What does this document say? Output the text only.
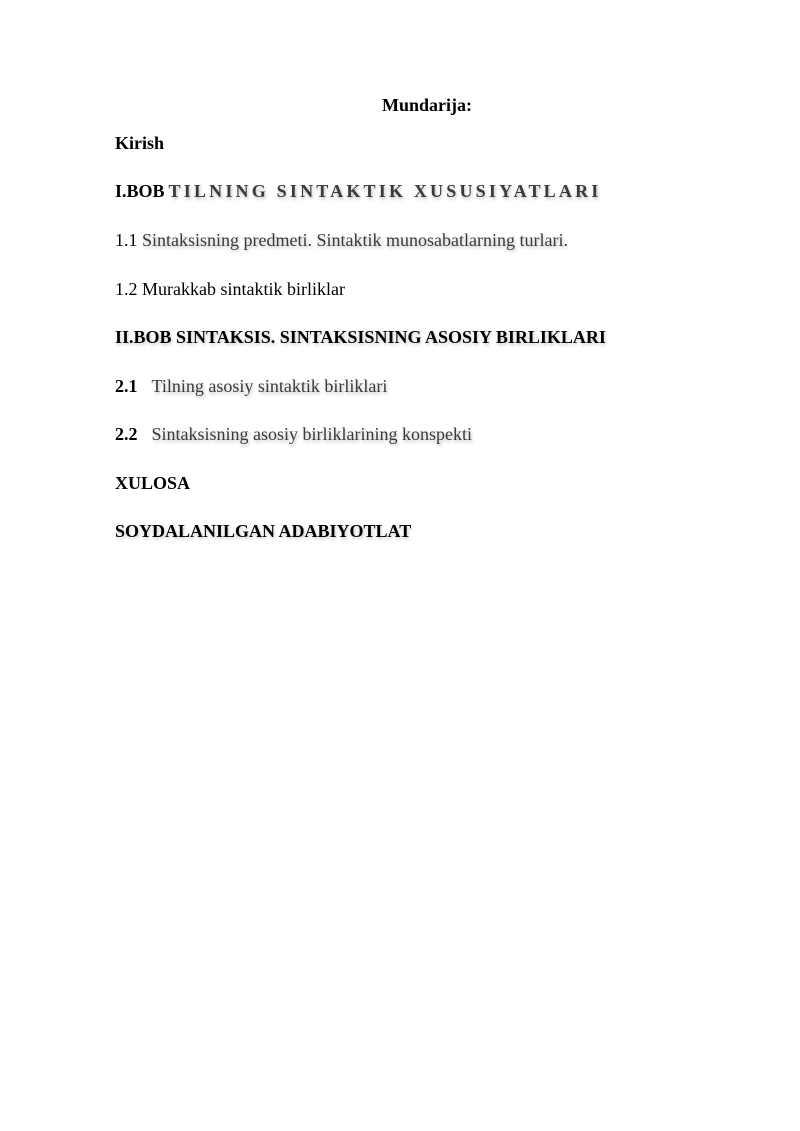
Mundarija:
Kirish
I.BOB TILNING SINTAKTIK XUSUSIYATLARI
1.1 Sintaksisning predmeti. Sintaktik munosabatlarning turlari.
1.2 Murakkab sintaktik birliklar
II.BOB SINTAKSIS. SINTAKSISNING ASOSIY BIRLIKLARI
2.1 Tilning asosiy sintaktik birliklari
2.2 Sintaksisning asosiy birliklarining konspekti
XULOSA
SOYDALANILGAN ADABIYOTLAT
